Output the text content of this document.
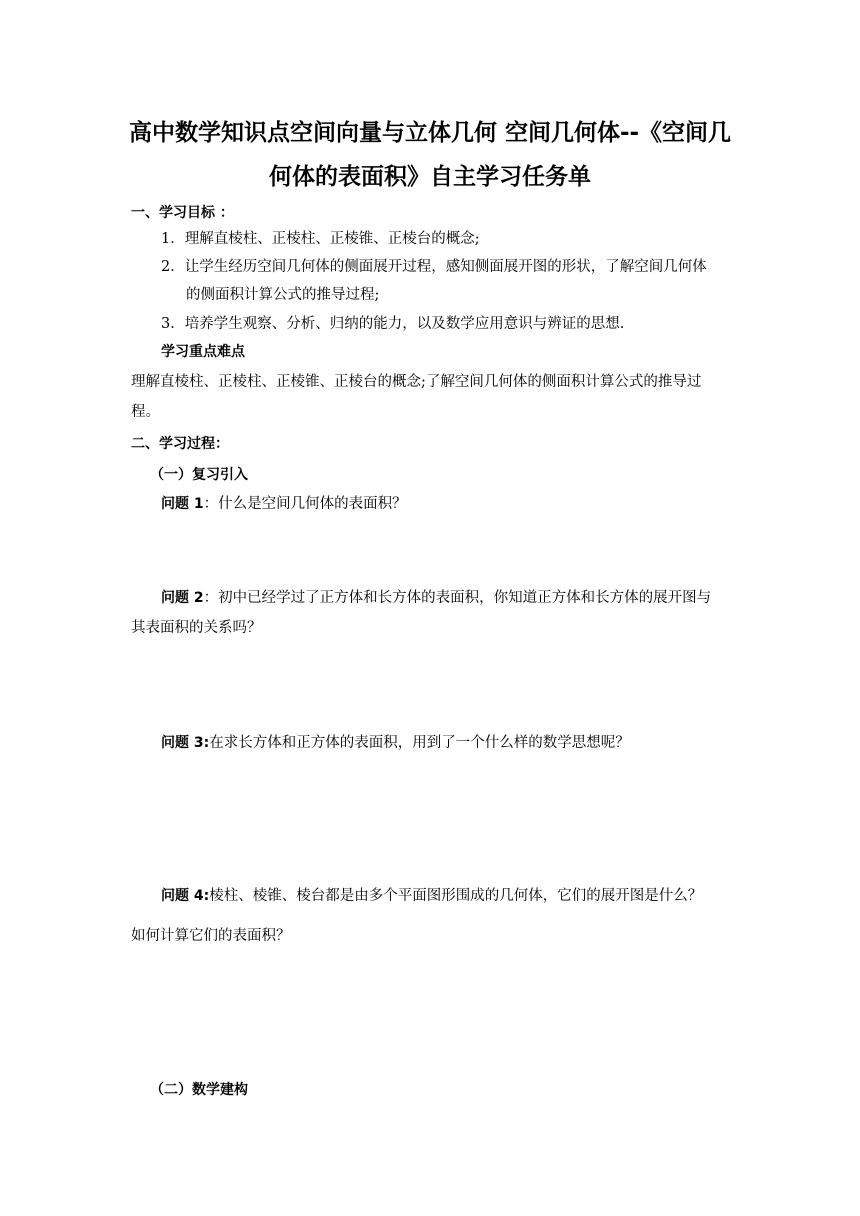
高中数学知识点空间向量与立体几何 空间几何体--《空间几
何体的表面积》自主学习任务单

一、学习目标 ：

1．理解直棱柱、正棱柱、正棱锥、正棱台的概念;

2．让学生经历空间几何体的侧面展开过程，感知侧面展开图的形状，了解空间几何体

的侧面积计算公式的推导过程;

3．培养学生观察、分析、归纳的能力，以及数学应用意识与辨证的思想.

学习重点难点

理解直棱柱、正棱柱、正棱锥、正棱台的概念;了解空间几何体的侧面积计算公式的推导过

程。

二、学习过程：

（一）复习引入

问题 1：什么是空间几何体的表面积？

问题 2：初中已经学过了正方体和长方体的表面积，你知道正方体和长方体的展开图与

其表面积的关系吗？

问题 3:在求长方体和正方体的表面积，用到了一个什么样的数学思想呢？

问题 4:棱柱、棱锥、棱台都是由多个平面图形围成的几何体，它们的展开图是什么？

如何计算它们的表面积？

（二）数学建构
